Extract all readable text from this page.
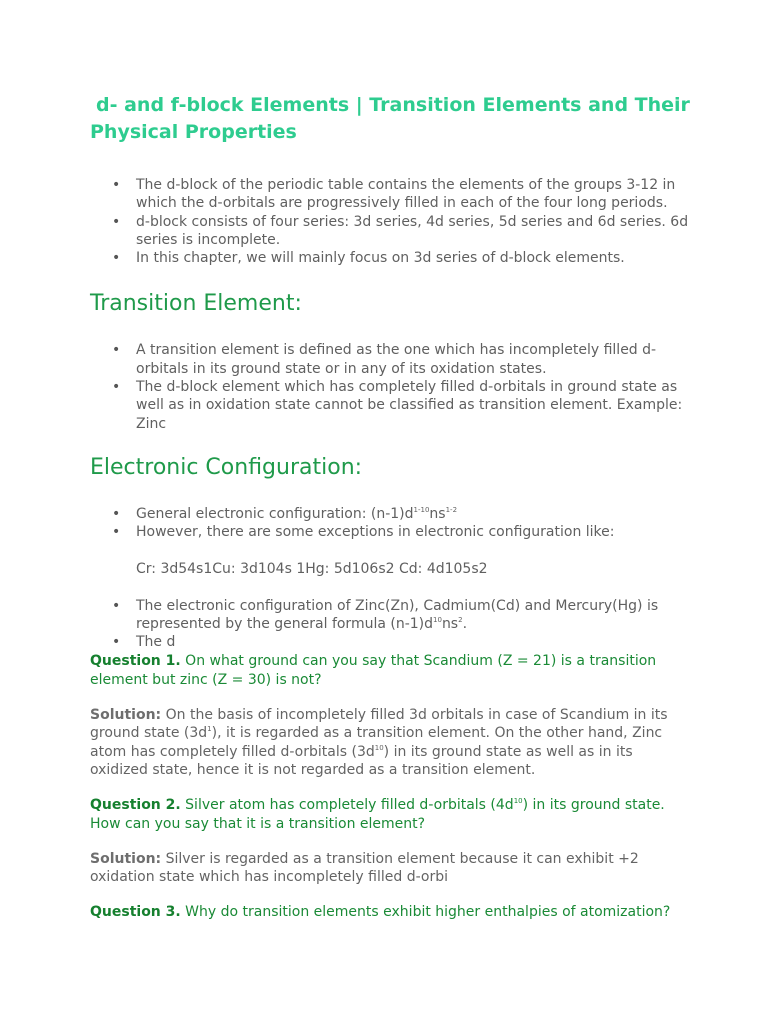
d- and f-block Elements | Transition Elements and Their Physical Properties
• The d-block of the periodic table contains the elements of the groups 3-12 in which the d-orbitals are progressively filled in each of the four long periods.
• d-block consists of four series: 3d series, 4d series, 5d series and 6d series. 6d series is incomplete.
• In this chapter, we will mainly focus on 3d series of d-block elements.
Transition Element:
• A transition element is defined as the one which has incompletely filled d-orbitals in its ground state or in any of its oxidation states.
• The d-block element which has completely filled d-orbitals in ground state as well as in oxidation state cannot be classified as transition element. Example: Zinc
Electronic Configuration:
• General electronic configuration: $(n-1)d^{1-10}ns^{1-2}$
• However, there are some exceptions in electronic configuration like:
Cr: 3d54s1Cu: 3d104s 1Hg: 5d106s2 Cd: 4d105s2
• The electronic configuration of Zinc(Zn), Cadmium(Cd) and Mercury(Hg) is represented by the general formula $(n-1)d^{10}ns^2$.
• The d

Question 1. On what ground can you say that Scandium (Z = 21) is a transition element but zinc (Z = 30) is not?

Solution: On the basis of incompletely filled 3d orbitals in case of Scandium in its ground state $(3d^1)$, it is regarded as a transition element. On the other hand, Zinc atom has completely filled d-orbitals $(3d^{10})$ in its ground state as well as in its oxidized state, hence it is not regarded as a transition element.

Question 2. Silver atom has completely filled d-orbitals $(4d^{10})$ in its ground state. How can you say that it is a transition element?

Solution: Silver is regarded as a transition element because it can exhibit +2 oxidation state which has incompletely filled d-orbi

Question 3. Why do transition elements exhibit higher enthalpies of atomization?
